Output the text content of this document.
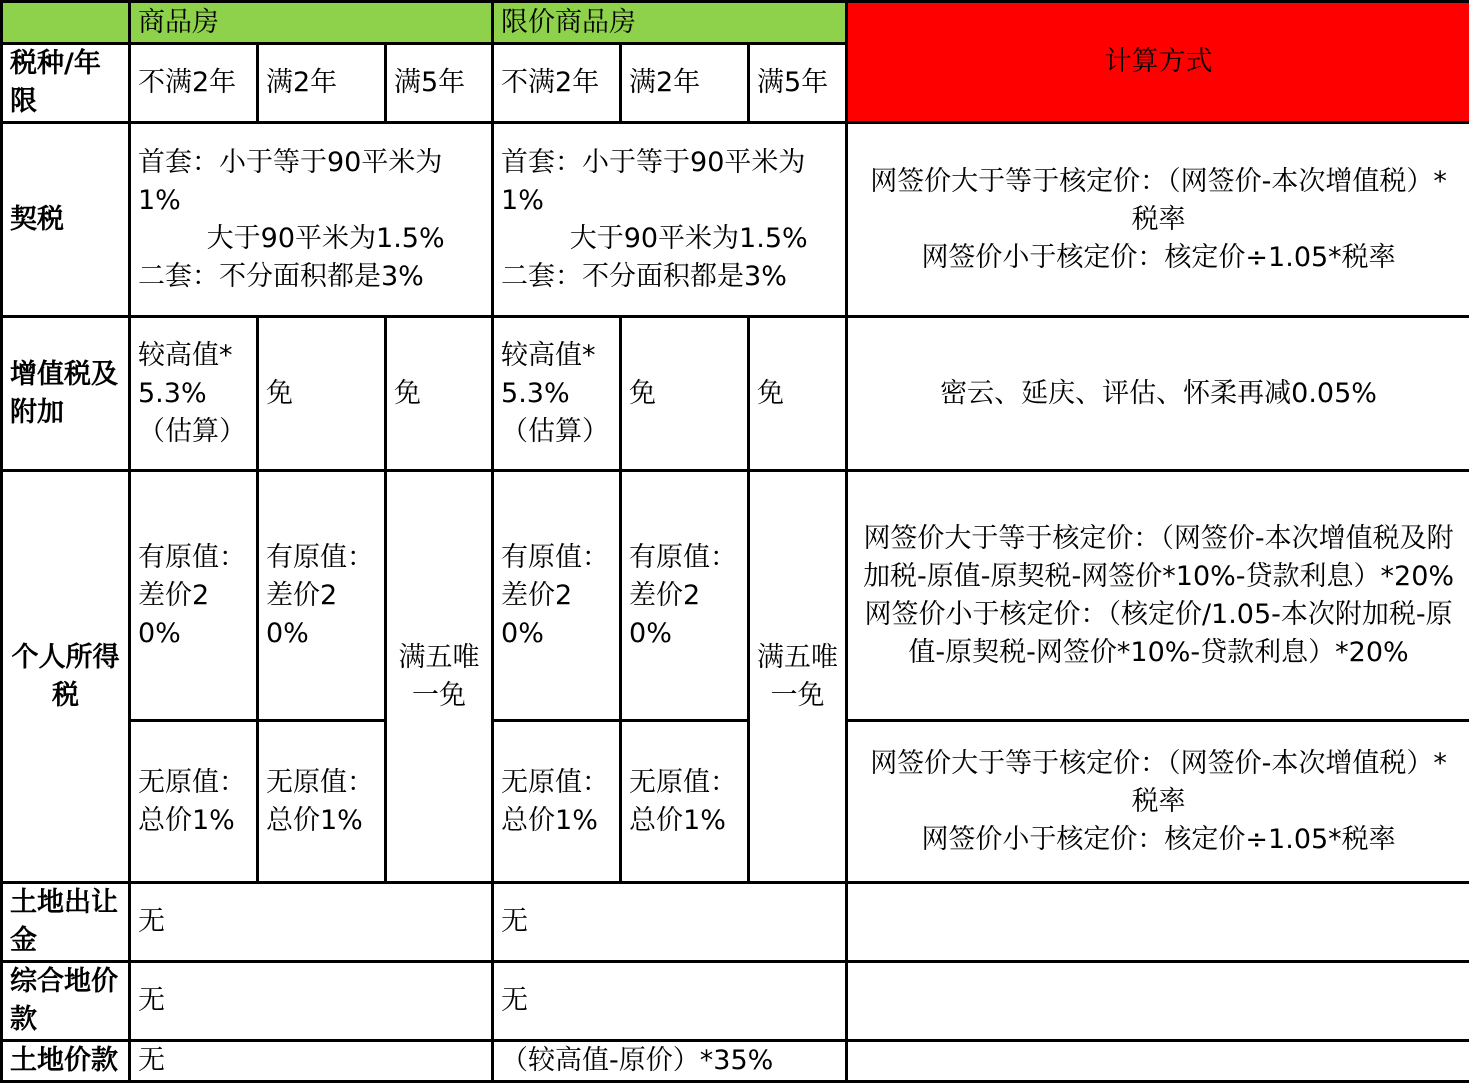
	商品房			限价商品房			计算方式
税种/年限	不满2年	满2年	满5年	不满2年	满2年	满5年	
契税	首套：小于等于90平米为1%
大于90平米为1.5%
二套：不分面积都是3%			首套：小于等于90平米为1%
大于90平米为1.5%
二套：不分面积都是3%			网签价大于等于核定价：（网签价-本次增值税）*税率
网签价小于核定价：核定价÷1.05*税率

增值税及附加	较高值*5.3%（估算）	免	免	较高值*5.3%（估算）	免	免	密云、延庆、评估、怀柔再减0.05%
个人所得税	有原值：差价20%	有原值：差价20%	满五唯一免	有原值：差价20%	有原值：差价20%	满五唯一免	网签价大于等于核定价：（网签价-本次增值税及附加税-原值-原契税-网签价*10%-贷款利息）*20%
网签价小于核定价：（核定价/1.05-本次附加税-原值-原契税-网签价*10%-贷款利息）*20%

	无原值：总价1%	无原值：总价1%		无原值：总价1%	无原值：总价1%		网签价大于等于核定价：（网签价-本次增值税）*税率
网签价小于核定价：核定价÷1.05*税率

土地出让金	无			无			
综合地价款	无			无			
土地价款	无			（较高值-原价）*35%			
